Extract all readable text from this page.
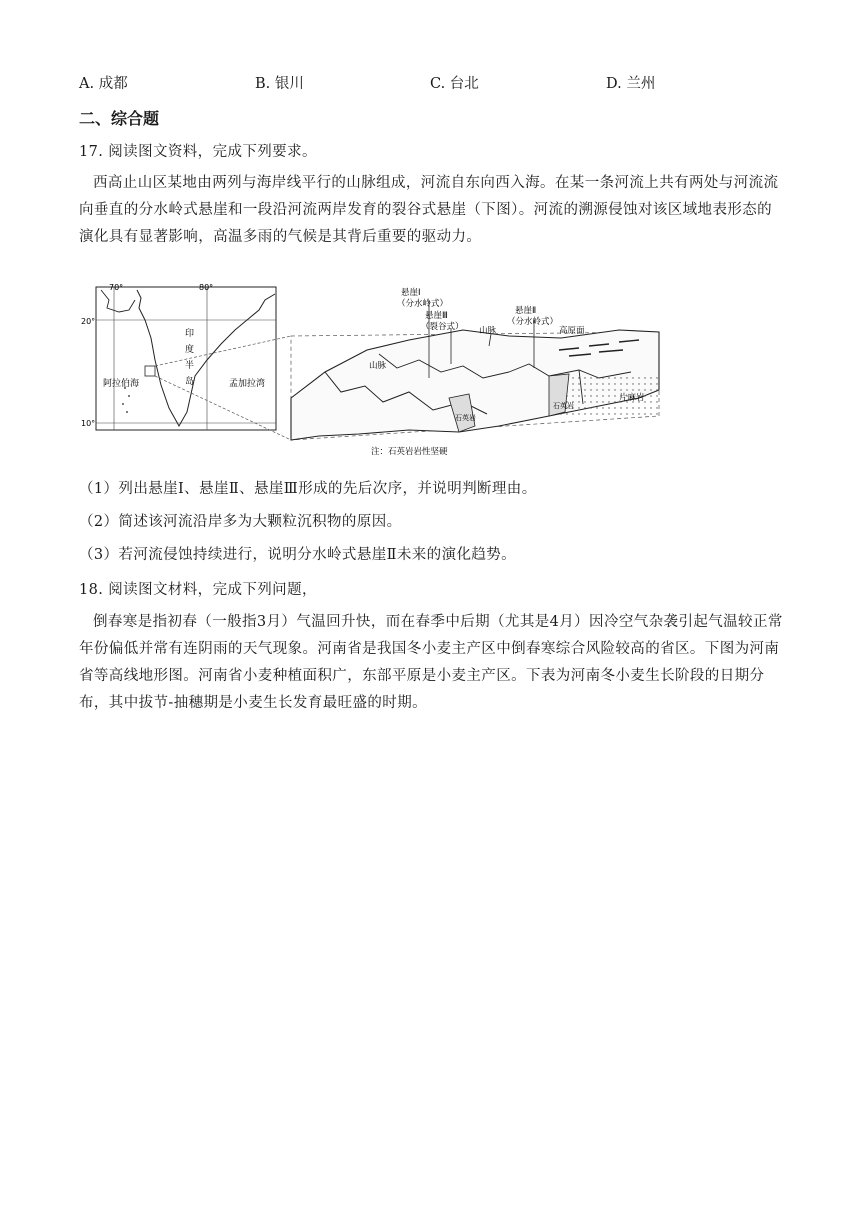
A. 成都	B. 银川	C. 台北	D. 兰州
二、综合题
17. 阅读图文资料，完成下列要求。
西高止山区某地由两列与海岸线平行的山脉组成，河流自东向西入海。在某一条河流上共有两处与河流流向垂直的分水岭式悬崖和一段沿河流两岸发育的裂谷式悬崖（下图）。河流的溯源侵蚀对该区域地表形态的演化具有显著影响，高温多雨的气候是其背后重要的驱动力。
70°	80°
20°
10°
印
度
半
岛
阿拉伯海	孟加拉湾
悬崖Ⅰ
（分水岭式）
悬崖Ⅲ
（裂谷式）
悬崖Ⅱ
（分水岭式）
山脉	高原面
山脉
片麻岩
石英岩
石英岩
注：石英岩岩性坚硬
（1）列出悬崖Ⅰ、悬崖Ⅱ、悬崖Ⅲ形成的先后次序，并说明判断理由。
（2）简述该河流沿岸多为大颗粒沉积物的原因。
（3）若河流侵蚀持续进行，说明分水岭式悬崖Ⅱ未来的演化趋势。
18. 阅读图文材料，完成下列问题，
倒春寒是指初春（一般指3月）气温回升快，而在春季中后期（尤其是4月）因冷空气杂袭引起气温较正常年份偏低并常有连阴雨的天气现象。河南省是我国冬小麦主产区中倒春寒综合风险较高的省区。下图为河南省等高线地形图。河南省小麦种植面积广，东部平原是小麦主产区。下表为河南冬小麦生长阶段的日期分布，其中拔节-抽穗期是小麦生长发育最旺盛的时期。
